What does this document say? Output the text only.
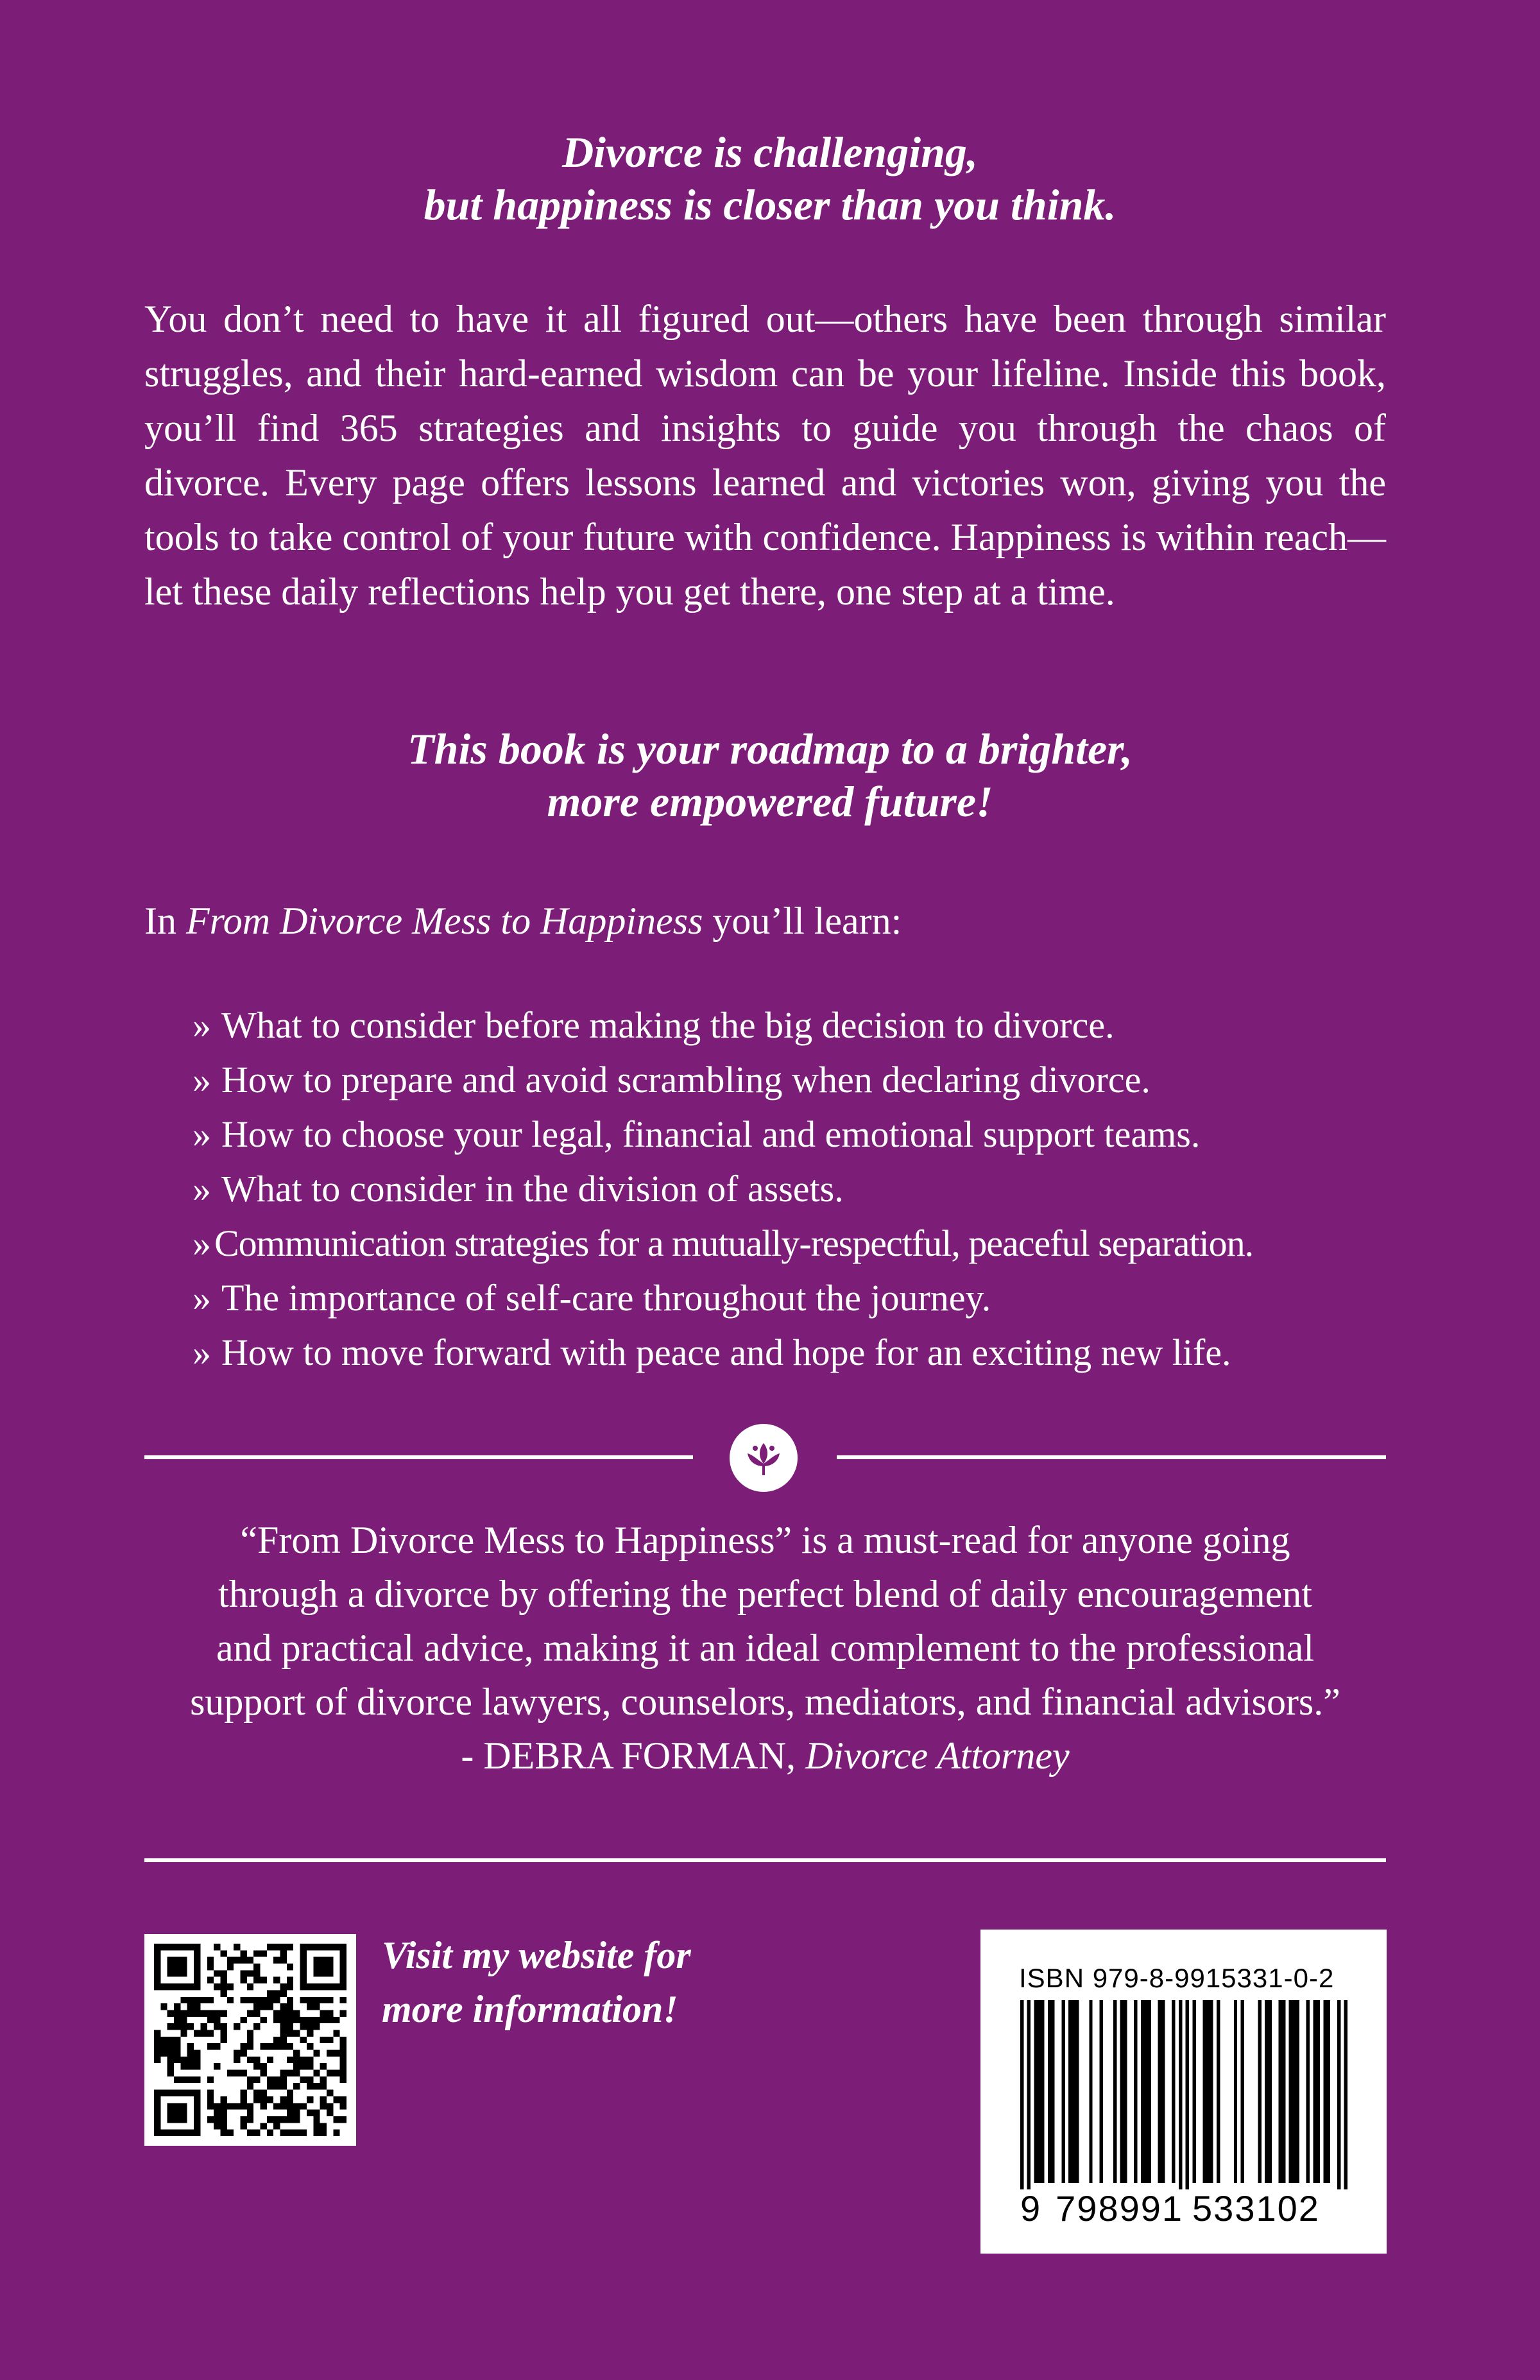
Divorce is challenging,
but happiness is closer than you think.

You don’t need to have it all figured out—others have been through similar struggles, and their hard-earned wisdom can be your lifeline. Inside this book, you’ll find 365 strategies and insights to guide you through the chaos of divorce. Every page offers lessons learned and victories won, giving you the tools to take control of your future with confidence. Happiness is within reach—let these daily reflections help you get there, one step at a time.

This book is your roadmap to a brighter,
more empowered future!

In From Divorce Mess to Happiness you’ll learn:

» What to consider before making the big decision to divorce.
» How to prepare and avoid scrambling when declaring divorce.
» How to choose your legal, financial and emotional support teams.
» What to consider in the division of assets.
» Communication strategies for a mutually-respectful, peaceful separation.
» The importance of self-care throughout the journey.
» How to move forward with peace and hope for an exciting new life.
“From Divorce Mess to Happiness” is a must-read for anyone going
through a divorce by offering the perfect blend of daily encouragement
and practical advice, making it an ideal complement to the professional
support of divorce lawyers, counselors, mediators, and financial advisors.”
- DEBRA FORMAN, Divorce Attorney
Visit my website for
more information!
ISBN 979-8-9915331-0-2
9 798991 533102
